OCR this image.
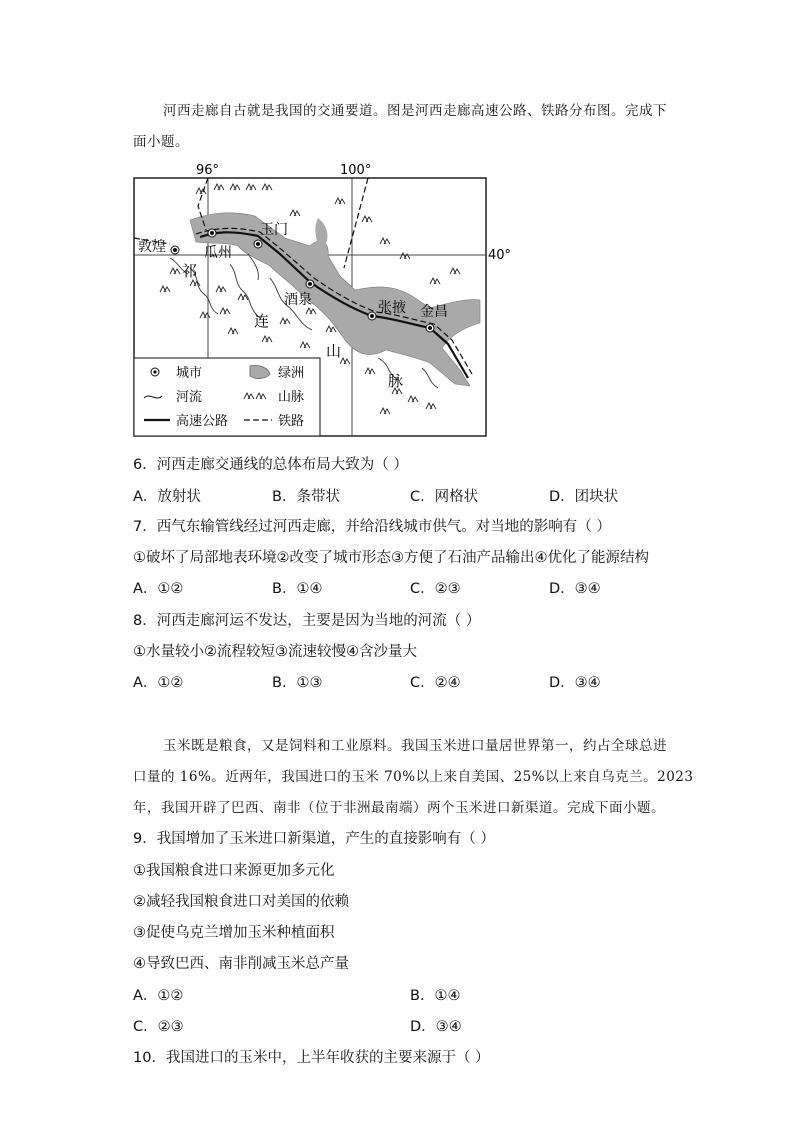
河西走廊自古就是我国的交通要道。图是河西走廊高速公路、铁路分布图。完成下
面小题。
96°	100°
40°
敦煌	瓜州
玉门
酒泉	张掖 金昌
祁
连
山
脉
城市	绿洲
河流	山脉
高速公路	铁路
6．河西走廊交通线的总体布局大致为（ ）
A．放射状	B．条带状	C．网格状	D．团块状
7．西气东输管线经过河西走廊，并给沿线城市供气。对当地的影响有（ ）
①破坏了局部地表环境②改变了城市形态③方便了石油产品输出④优化了能源结构
A．①②	B．①④	C．②③	D．③④
8．河西走廊河运不发达，主要是因为当地的河流（ ）
①水量较小②流程较短③流速较慢④含沙量大
A．①②	B．①③	C．②④	D．③④
玉米既是粮食，又是饲料和工业原料。我国玉米进口量居世界第一，约占全球总进
口量的 16%。近两年，我国进口的玉米 70%以上来自美国、25%以上来自乌克兰。2023
年，我国开辟了巴西、南非（位于非洲最南端）两个玉米进口新渠道。完成下面小题。
9．我国增加了玉米进口新渠道，产生的直接影响有（ ）
①我国粮食进口来源更加多元化
②减轻我国粮食进口对美国的依赖
③促使乌克兰增加玉米种植面积
④导致巴西、南非削减玉米总产量
A．①②	B．①④
C．②③	D．③④
10．我国进口的玉米中，上半年收获的主要来源于（ ）
